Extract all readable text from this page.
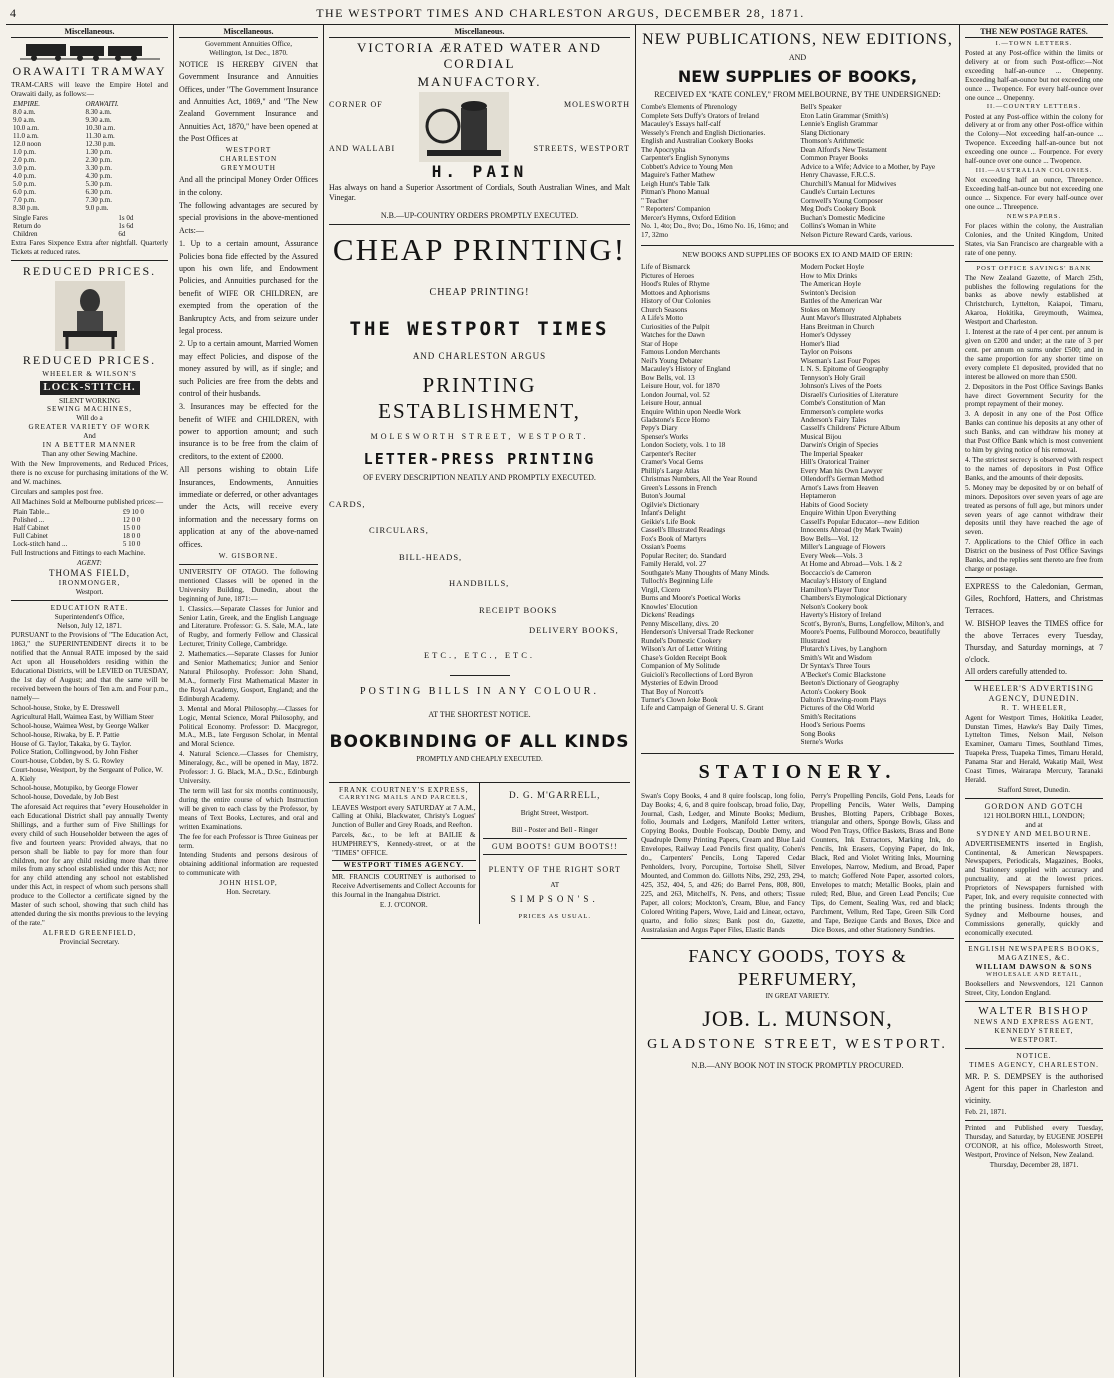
4	THE WESTPORT TIMES AND CHARLESTON ARGUS, DECEMBER 28, 1871.
Miscellaneous.
ORAWAITI TRAMWAY

TRAM-CARS will leave the Empire Hotel and Orawaiti daily, as follows:—

EMPIRE.	ORAWAITI.
8.0 a.m.	8.30 a.m.
9.0 a.m.	9.30 a.m.
10.0 a.m.	10.30 a.m.
11.0 a.m.	11.30 a.m.
12.0 noon	12.30 p.m.
1.0 p.m.	1.30 p.m.
2.0 p.m.	2.30 p.m.
3.0 p.m.	3.30 p.m.
4.0 p.m.	4.30 p.m.
5.0 p.m.	5.30 p.m.
6.0 p.m.	6.30 p.m.
7.0 p.m.	7.30 p.m.
8.30 p.m.	9.0 p.m.
Single Fares	1s 0d
Return do	1s 6d
Children	6d

Extra Fares Sixpence Extra after nightfall. Quarterly Tickets at reduced rates.

REDUCED PRICES.
REDUCED PRICES.
WHEELER & WILSON'S
LOCK-STITCH.
SILENT WORKING
SEWING MACHINES,
Will do a
GREATER VARIETY OF WORK
And
IN A BETTER MANNER
Than any other Sewing Machine.

With the New Improvements, and Reduced Prices, there is no excuse for purchasing imitations of the W. and W. machines.

Circulars and samples post free.

All Machines Sold at Melbourne published prices:—

Plain Table...	£9 10 0
Polished ...	12 0 0
Half Cabinet	15 0 0
Full Cabinet	18 0 0
Lock-stitch hand ...	5 10 0

Full Instructions and Fittings to each Machine.

AGENT:
THOMAS FIELD,
IRONMONGER,
Westport.
EDUCATION RATE.
Superintendent's Office,
Nelson, July 12, 1871.

PURSUANT to the Provisions of "The Education Act, 1863," the SUPERINTENDENT directs it to be notified that the Annual RATE imposed by the said Act upon all Householders residing within the Educational Districts, will be LEVIED on TUESDAY, the 1st day of August; and that the same will be received between the hours of Ten a.m. and Four p.m., namely—

School-house, Stoke, by E. Dresswell
Agricultural Hall, Waimea East, by William Steer
School-house, Waimea West, by George Walker
School-house, Riwaka, by E. P. Pattie
House of G. Taylor, Takaka, by G. Taylor.
Police Station, Collingwood, by John Fisher
Court-house, Cobden, by S. G. Rowley
Court-house, Westport, by the Sergeant of Police, W. A. Kiely
School-house, Motupiko, by George Flower
School-house, Dovedale, by Job Best

The aforesaid Act requires that "every Householder in each Educational District shall pay annually Twenty Shillings, and a further sum of Five Shillings for every child of such Householder between the ages of five and fourteen years: Provided always, that no person shall be liable to pay for more than four children, nor for any child residing more than three miles from any school established under this Act; nor for any child attending any school not established under this Act, in respect of whom such persons shall produce to the Collector a certificate signed by the Master of such school, showing that such child has attended during the six months previous to the levying of the rate."

ALFRED GREENFIELD,
Provincial Secretary.
Miscellaneous.
Government Annuities Office,
Wellington, 1st Dec., 1870.

NOTICE IS HEREBY GIVEN that Government Insurance and Annuities Offices, under "The Government Insurance and Annuities Act, 1869," and "The New Zealand Government Insurance and Annuities Act, 1870," have been opened at the Post Offices at

WESTPORT
CHARLESTON
GREYMOUTH

And all the principal Money Order Offices in the colony.

The following advantages are secured by special provisions in the above-mentioned Acts:—

1. Up to a certain amount, Assurance Policies bona fide effected by the Assured upon his own life, and Endowment Policies, and Annuities purchased for the benefit of WIFE OR CHILDREN, are exempted from the operation of the Bankruptcy Acts, and from seizure under legal process.

2. Up to a certain amount, Married Women may effect Policies, and dispose of the money assured by will, as if single; and such Policies are free from the debts and control of their husbands.

3. Insurances may be effected for the benefit of WIFE and CHILDREN, with power to apportion amount; and such insurance is to be free from the claim of creditors, to the extent of £2000.

All persons wishing to obtain Life Insurances, Endowments, Annuities immediate or deferred, or other advantages under the Acts, will receive every information and the necessary forms on application at any of the above-named offices.

W. GISBORNE.

UNIVERSITY OF OTAGO. The following mentioned Classes will be opened in the University Building, Dunedin, about the beginning of June, 1871:—

1. Classics.—Separate Classes for Junior and Senior Latin, Greek, and the English Language and Literature. Professor: G. S. Sale, M.A., late of Rugby, and formerly Fellow and Classical Lecturer, Trinity College, Cambridge.

2. Mathematics.—Separate Classes for Junior and Senior Mathematics; Junior and Senior Natural Philosophy. Professor: John Shand, M.A., formerly First Mathematical Master in the Royal Academy, Gosport, England; and the Edinburgh Academy.

3. Mental and Moral Philosophy.—Classes for Logic, Mental Science, Moral Philosophy, and Political Economy. Professor: D. Macgregor, M.A., M.B., late Ferguson Scholar, in Mental and Moral Science.

4. Natural Science.—Classes for Chemistry, Mineralogy, &c., will be opened in May, 1872. Professor: J. G. Black, M.A., D.Sc., Edinburgh University.

The term will last for six months continuously, during the entire course of which Instruction will be given to each class by the Professor, by means of Text Books, Lectures, and oral and written Examinations.

The fee for each Professor is Three Guineas per term.

Intending Students and persons desirous of obtaining additional information are requested to communicate with

JOHN HISLOP,
Hon. Secretary.
Miscellaneous.
VICTORIA ÆRATED WATER AND CORDIAL
MANUFACTORY.
CORNER OF
AND WALLABI
MOLESWORTH
STREETS, WESTPORT
H. PAIN

Has always on hand a Superior Assortment of Cordials, South Australian Wines, and Malt Vinegar.

N.B.—UP-COUNTRY ORDERS PROMPTLY EXECUTED.
CHEAP PRINTING!
CHEAP PRINTING!
THE WESTPORT TIMES
AND CHARLESTON ARGUS
PRINTING ESTABLISHMENT,
MOLESWORTH STREET, WESTPORT.
LETTER-PRESS PRINTING
OF EVERY DESCRIPTION NEATLY AND PROMPTLY EXECUTED.
CARDS,
CIRCULARS,
BILL-HEADS,
HANDBILLS,
RECEIPT BOOKS
DELIVERY BOOKS,
ETC., ETC., ETC.
POSTING BILLS IN ANY COLOUR.
AT THE SHORTEST NOTICE.
BOOKBINDING OF ALL KINDS
PROMPTLY AND CHEAPLY EXECUTED.
FRANK COURTNEY'S EXPRESS,
CARRYING MAILS AND PARCELS,

LEAVES Westport every SATURDAY at 7 A.M., Calling at Ohiki, Blackwater, Christy's Logues' Junction of Buller and Grey Roads, and Reefton.

Parcels, &c., to be left at BAILIE & HUMPHREY'S, Kennedy-street, or at the "TIMES" OFFICE.

WESTPORT TIMES AGENCY.

MR. FRANCIS COURTNEY is authorised to Receive Advertisements and Collect Accounts for this Journal in the Inangahua District.

E. J. O'CONOR.
D. G. M'GARRELL,
Bright Street, Westport.
Bill - Poster and Bell - Ringer
GUM BOOTS! GUM BOOTS!!
PLENTY OF THE RIGHT SORT
AT
SIMPSON'S.
PRICES AS USUAL.
NEW PUBLICATIONS, NEW EDITIONS,
AND
NEW SUPPLIES OF BOOKS,
RECEIVED EX "KATE CONLEY," FROM MELBOURNE, BY THE UNDERSIGNED:
Combe's Elements of Phrenology
Complete Sets Duffy's Orators of Ireland
Macauley's Essays half-calf
Wessely's French and English Dictionaries.
English and Australian Cookery Books
The Apocrypha
Carpenter's English Synonyms
Cobbett's Advice to Young Men
Maguire's Father Mathew
Leigh Hunt's Table Talk
Pitman's Phono Manual
" Teacher
" Reporters' Companion
Mercer's Hymns, Oxford Edition
No. 1, 4to; Do., 8vo; Do., 16mo No. 16, 16mo; and 17, 32mo
Bell's Speaker
Eton Latin Grammar (Smith's)
Lennie's English Grammar
Slang Dictionary
Thomson's Arithmetic
Dean Alford's New Testament
Common Prayer Books
Advice to a Wife; Advice to a Mother, by Paye Henry Chavasse, F.R.C.S.
Churchill's Manual for Midwives
Caudle's Curtain Lectures
Cornwell's Young Composer
Meg Dod's Cookery Book
Buchan's Domestic Medicine
Collins's Woman in White
Nelson Picture Reward Cards, various.
NEW BOOKS AND SUPPLIES OF BOOKS EX IO AND MAID OF ERIN:
Life of Bismarck
Pictures of Heroes
Hood's Rules of Rhyme
Mottoes and Aphorisms
History of Our Colonies
Church Seasons
A Life's Motto
Curiosities of the Pulpit
Watches for the Dawn
Star of Hope
Famous London Merchants
Neil's Young Debater
Macauley's History of England
Bow Bells, vol. 13
Leisure Hour, vol. for 1870
London Journal, vol. 52
Leisure Hour, annual
Enquire Within upon Needle Work
Gladstone's Ecce Homo
Pepy's Diary
Spenser's Works
London Society, vols. 1 to 18
Carpenter's Reciter
Cramer's Vocal Gems
Phillip's Large Atlas
Christmas Numbers, All the Year Round
Green's Lessons in French
Buton's Journal
Ogilvie's Dictionary
Infant's Delight
Geikie's Life Book
Cassell's Illustrated Readings
Fox's Book of Martyrs
Ossian's Poems
Popular Reciter; do. Standard
Family Herald, vol. 27
Southgate's Many Thoughts of Many Minds.
Tulloch's Beginning Life
Virgil, Cicero
Burns and Moore's Poetical Works
Knowles' Elocution
Dickens' Readings
Penny Miscellany, divs. 20
Henderson's Universal Trade Reckoner
Rundel's Domestic Cookery
Wilson's Art of Letter Writing
Chase's Golden Receipt Book
Companion of My Solitude
Guicioli's Recollections of Lord Byron
Mysteries of Edwin Drood
That Boy of Norcott's
Turner's Clown Joke Book
Life and Campaign of General U. S. Grant
Modern Pocket Hoyle
How to Mix Drinks
The American Hoyle
Swinton's Decision
Battles of the American War
Stokes on Memory
Aunt Mavor's Illustrated Alphabets
Hans Breitman in Church
Homer's Odyssey
Homer's Iliad
Taylor on Poisons
Wiseman's Last Four Popes
I. N. S. Epitome of Geography
Tennyson's Holy Grail
Johnson's Lives of the Poets
Disraeli's Curiosities of Literature
Combe's Constitution of Man
Emmerson's complete works
Anderson's Fairy Tales
Cassell's Childrens' Picture Album
Musical Bijou
Darwin's Origin of Species
The Imperial Speaker
Hill's Oratorical Trainer
Every Man his Own Lawyer
Ollendorff's German Method
Arnot's Laws from Heaven
Heptameron
Habits of Good Society
Enquire Within Upon Everything
Cassell's Popular Educator—new Edition
Innocents Abroad (by Mark Twain)
Bow Bells—Vol. 12
Miller's Language of Flowers
Every Week—Vols. 3
At Home and Abroad—Vols. 1 & 2
Boccaccio's de Cameron
Maculay's History of England
Hamilton's Player Tutor
Chambers's Etymological Dictionary
Nelson's Cookery book
Haverty's History of Ireland
Scott's, Byron's, Burns, Longfellow, Milton's, and Moore's Poems, Fullbound Morocco, beautifully Illustrated
Plutarch's Lives, by Langhorn
Smith's Wit and Wisdom
Dr Syntax's Three Tours
A'Becket's Comic Blackstone
Beeton's Dictionary of Geography
Acton's Cookery Book
Dalton's Drawing-room Plays
Pictures of the Old World
Smith's Recitations
Hood's Serious Poems
Song Books
Sterne's Works
STATIONERY.

Swan's Copy Books, 4 and 8 quire foolscap, long folio, Day Books; 4, 6, and 8 quire foolscap, broad folio, Day, Journal, Cash, Ledger, and Minute Books; Medium, folio, Journals and Ledgers, Manifold Letter writers, Copying Books, Double Foolscap, Double Demy, and Quadruple Demy Printing Papers, Cream and Blue Laid Envelopes, Railway Lead Pencils first quality, Cohen's do., Carpenters' Pencils, Long Tapered Cedar Penholders, Ivory, Porcupine, Tortoise Shell, Silver Mounted, and Common do. Gillotts Nibs, 292, 293, 294, 425, 352, 404, 5, and 426; do Barrel Pens, 808, 800, 225, and 263, Mitchell's, N. Pens, and others; Tissue Paper, all colors; Mockton's, Cream, Blue, and Fancy Colored Writing Papers, Wove, Laid and Linear, octavo, quarto, and folio sizes; Bank post do, Gazette, Australasian and Argus Paper Files, Elastic Bands

Perry's Propelling Pencils, Gold Pens, Leads for Propelling Pencils, Water Wells, Damping Brushes, Blotting Papers, Cribbage Boxes, triangular and others, Sponge Bowls, Glass and Wood Pen Trays, Office Baskets, Brass and Bone Counters, Ink Extractors, Marking Ink, do Pencils, Ink Erasers, Copying Paper, do Ink, Black, Red and Violet Writing Inks, Mourning Envelopes, Narrow, Medium, and Broad, Paper to match; Goffered Note Paper, assorted colors, Envelopes to match; Metallic Books, plain and ruled; Red, Blue, and Green Lead Pencils; Cue Tips, do Cement, Sealing Wax, red and black; Parchment, Vellum, Red Tape, Green Silk Cord and Tape, Bezique Cards and Boxes, Dice and Dice Boxes, and other Stationery Sundries.

FANCY GOODS, TOYS & PERFUMERY,
IN GREAT VARIETY.
JOB. L. MUNSON,
GLADSTONE STREET, WESTPORT.
N.B.—ANY BOOK NOT IN STOCK PROMPTLY PROCURED.
THE NEW POSTAGE RATES.
I.—TOWN LETTERS.

Posted at any Post-office within the limits or delivery at or from such Post-office:—Not exceeding half-an-ounce ... Onepenny. Exceeding half-an-ounce but not exceeding one ounce ... Twopence. For every half-ounce over one ounce ... Onepenny.

II.—COUNTRY LETTERS.

Posted at any Post-office within the colony for delivery at or from any other Post-office within the Colony—Not exceeding half-an-ounce ... Twopence. Exceeding half-an-ounce but not exceeding one ounce ... Fourpence. For every half-ounce over one ounce ... Twopence.

III.—AUSTRALIAN COLONIES.

Not exceeding half an ounce, Threepence. Exceeding half-an-ounce but not exceeding one ounce ... Sixpence. For every half-ounce over one ounce ... Threepence.

NEWSPAPERS.

For places within the colony, the Australian Colonies, and the United Kingdom, United States, via San Francisco are chargeable with a rate of one penny.

POST OFFICE SAVINGS' BANK

The New Zealand Gazette, of March 25th, publishes the following regulations for the banks as above newly established at Christchurch, Lyttelton, Kaiapoi, Timaru, Akaroa, Hokitika, Greymouth, Waimea, Westport and Charleston.

1. Interest at the rate of 4 per cent. per annum is given on £200 and under; at the rate of 3 per cent. per annum on sums under £500; and in the same proportion for any shorter time on every complete £1 deposited, provided that no interest be allowed on more than £500.

2. Depositors in the Post Office Savings Banks have direct Government Security for the prompt repayment of their money.

3. A deposit in any one of the Post Office Banks can continue his deposits at any other of such Banks, and can withdraw his money at that Post Office Bank which is most convenient to him by giving notice of his removal.

4. The strictest secrecy is observed with respect to the names of depositors in Post Office Banks, and the amounts of their deposits.

5. Money may be deposited by or on behalf of minors. Depositors over seven years of age are treated as persons of full age, but minors under seven years of age cannot withdraw their deposits until they have reached the age of seven.

7. Applications to the Chief Office in each District on the business of Post Office Savings Banks, and the replies sent thereto are free from charge or postage.

EXPRESS to the Caledonian, German, Giles, Rochford, Hatters, and Christmas Terraces.

W. BISHOP leaves the TIMES office for the above Terraces every Tuesday, Thursday, and Saturday mornings, at 7 o'clock.

All orders carefully attended to.

WHEELER'S ADVERTISING AGENCY, DUNEDIN.
R. T. WHEELER,

Agent for Westport Times, Hokitika Leader, Dunstan Times, Hawke's Bay Daily Times, Lyttelton Times, Nelson Mail, Nelson Examiner, Oamaru Times, Southland Times, Tuapeka Press, Tuapeka Times, Timaru Herald, Panama Star and Herald, Wakatip Mail, West Coast Times, Wairarapa Mercury, Taranaki Herald.

Stafford Street, Dunedin.
GORDON AND GOTCH
121 HOLBORN HILL, LONDON;
and at
SYDNEY AND MELBOURNE.

ADVERTISEMENTS inserted in English, Continental, & American Newspapers. Newspapers, Periodicals, Magazines, Books, and Stationery supplied with accuracy and punctuality, and at the lowest prices. Proprietors of Newspapers furnished with Paper, Ink, and every requisite connected with the printing business. Indents through the Sydney and Melbourne houses, and Commissions generally, quickly and economically executed.

ENGLISH NEWSPAPERS BOOKS, MAGAZINES, &C.
WILLIAM DAWSON & SONS
WHOLESALE AND RETAIL,

Booksellers and Newsvendors, 121 Cannon Street, City, London England.

WALTER BISHOP
NEWS AND EXPRESS AGENT,
KENNEDY STREET,
WESTPORT.
NOTICE.
TIMES AGENCY, CHARLESTON.

MR. P. S. DEMPSEY is the authorised Agent for this paper in Charleston and vicinity.

Feb. 21, 1871.

Printed and Published every Tuesday, Thursday, and Saturday, by EUGENE JOSEPH O'CONOR, at his office, Molesworth Street, Westport, Province of Nelson, New Zealand.

Thursday, December 28, 1871.
